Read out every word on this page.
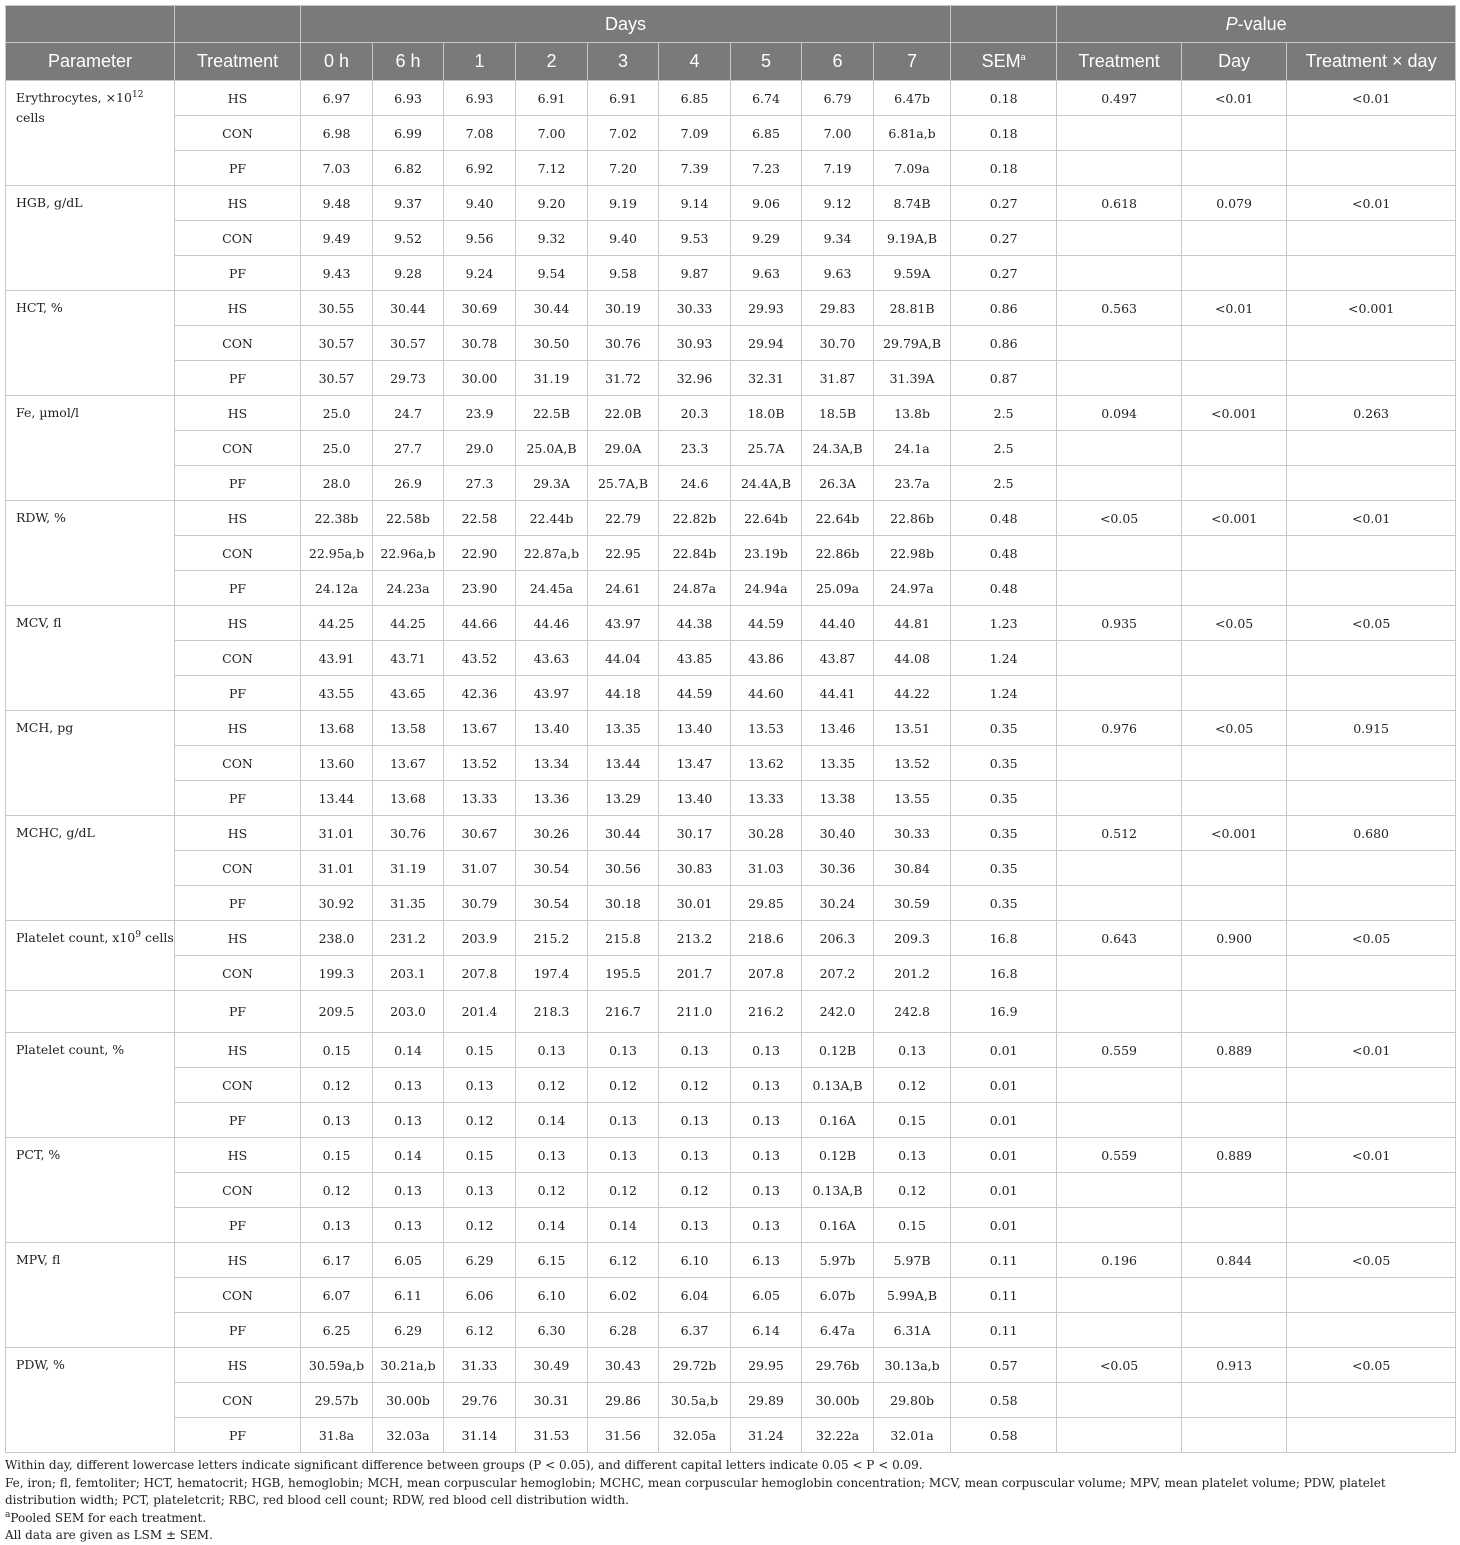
		Days										P-value		
Parameter	Treatment	0 h	6 h	1	2	3	4	5	6	7	SEM$^a$	Treatment	Day	Treatment × day
Erythrocytes, $\times 10^{12}$ cells	HS	6.97	6.93	6.93	6.91	6.91	6.85	6.74	6.79	6.47b	0.18	0.497	<0.01	<0.01
	CON	6.98	6.99	7.08	7.00	7.02	7.09	6.85	7.00	6.81a,b	0.18			
	PF	7.03	6.82	6.92	7.12	7.20	7.39	7.23	7.19	7.09a	0.18			
HGB, g/dL	HS	9.48	9.37	9.40	9.20	9.19	9.14	9.06	9.12	8.74B	0.27	0.618	0.079	<0.01
	CON	9.49	9.52	9.56	9.32	9.40	9.53	9.29	9.34	9.19A,B	0.27			
	PF	9.43	9.28	9.24	9.54	9.58	9.87	9.63	9.63	9.59A	0.27			
HCT, %	HS	30.55	30.44	30.69	30.44	30.19	30.33	29.93	29.83	28.81B	0.86	0.563	<0.01	<0.001
	CON	30.57	30.57	30.78	30.50	30.76	30.93	29.94	30.70	29.79A,B	0.86			
	PF	30.57	29.73	30.00	31.19	31.72	32.96	32.31	31.87	31.39A	0.87			
Fe, µmol/l	HS	25.0	24.7	23.9	22.5B	22.0B	20.3	18.0B	18.5B	13.8b	2.5	0.094	<0.001	0.263
	CON	25.0	27.7	29.0	25.0A,B	29.0A	23.3	25.7A	24.3A,B	24.1a	2.5			
	PF	28.0	26.9	27.3	29.3A	25.7A,B	24.6	24.4A,B	26.3A	23.7a	2.5			
RDW, %	HS	22.38b	22.58b	22.58	22.44b	22.79	22.82b	22.64b	22.64b	22.86b	0.48	<0.05	<0.001	<0.01
	CON	22.95a,b	22.96a,b	22.90	22.87a,b	22.95	22.84b	23.19b	22.86b	22.98b	0.48			
	PF	24.12a	24.23a	23.90	24.45a	24.61	24.87a	24.94a	25.09a	24.97a	0.48			
MCV, fl	HS	44.25	44.25	44.66	44.46	43.97	44.38	44.59	44.40	44.81	1.23	0.935	<0.05	<0.05
	CON	43.91	43.71	43.52	43.63	44.04	43.85	43.86	43.87	44.08	1.24			
	PF	43.55	43.65	42.36	43.97	44.18	44.59	44.60	44.41	44.22	1.24			
MCH, pg	HS	13.68	13.58	13.67	13.40	13.35	13.40	13.53	13.46	13.51	0.35	0.976	<0.05	0.915
	CON	13.60	13.67	13.52	13.34	13.44	13.47	13.62	13.35	13.52	0.35			
	PF	13.44	13.68	13.33	13.36	13.29	13.40	13.33	13.38	13.55	0.35			
MCHC, g/dL	HS	31.01	30.76	30.67	30.26	30.44	30.17	30.28	30.40	30.33	0.35	0.512	<0.001	0.680
	CON	31.01	31.19	31.07	30.54	30.56	30.83	31.03	30.36	30.84	0.35			
	PF	30.92	31.35	30.79	30.54	30.18	30.01	29.85	30.24	30.59	0.35			
Platelet count, $x10^9$ cells	HS	238.0	231.2	203.9	215.2	215.8	213.2	218.6	206.3	209.3	16.8	0.643	0.900	<0.05
	CON	199.3	203.1	207.8	197.4	195.5	201.7	207.8	207.2	201.2	16.8			
	PF	209.5	203.0	201.4	218.3	216.7	211.0	216.2	242.0	242.8	16.9			
Platelet count, %	HS	0.15	0.14	0.15	0.13	0.13	0.13	0.13	0.12B	0.13	0.01	0.559	0.889	<0.01
	CON	0.12	0.13	0.13	0.12	0.12	0.12	0.13	0.13A,B	0.12	0.01			
	PF	0.13	0.13	0.12	0.14	0.13	0.13	0.13	0.16A	0.15	0.01			
PCT, %	HS	0.15	0.14	0.15	0.13	0.13	0.13	0.13	0.12B	0.13	0.01	0.559	0.889	<0.01
	CON	0.12	0.13	0.13	0.12	0.12	0.12	0.13	0.13A,B	0.12	0.01			
	PF	0.13	0.13	0.12	0.14	0.14	0.13	0.13	0.16A	0.15	0.01			
MPV, fl	HS	6.17	6.05	6.29	6.15	6.12	6.10	6.13	5.97b	5.97B	0.11	0.196	0.844	<0.05
	CON	6.07	6.11	6.06	6.10	6.02	6.04	6.05	6.07b	5.99A,B	0.11			
	PF	6.25	6.29	6.12	6.30	6.28	6.37	6.14	6.47a	6.31A	0.11			
PDW, %	HS	30.59a,b	30.21a,b	31.33	30.49	30.43	29.72b	29.95	29.76b	30.13a,b	0.57	<0.05	0.913	<0.05
	CON	29.57b	30.00b	29.76	30.31	29.86	30.5a,b	29.89	30.00b	29.80b	0.58			
	PF	31.8a	32.03a	31.14	31.53	31.56	32.05a	31.24	32.22a	32.01a	0.58			
Within day, different lowercase letters indicate significant difference between groups (P < 0.05), and different capital letters indicate 0.05 < P < 0.09.
Fe, iron; fl, femtoliter; HCT, hematocrit; HGB, hemoglobin; MCH, mean corpuscular hemoglobin; MCHC, mean corpuscular hemoglobin concentration; MCV, mean corpuscular volume; MPV, mean platelet volume; PDW, platelet distribution width; PCT, plateletcrit; RBC, red blood cell count; RDW, red blood cell distribution width.
$^a$Pooled SEM for each treatment.
All data are given as LSM ± SEM.
